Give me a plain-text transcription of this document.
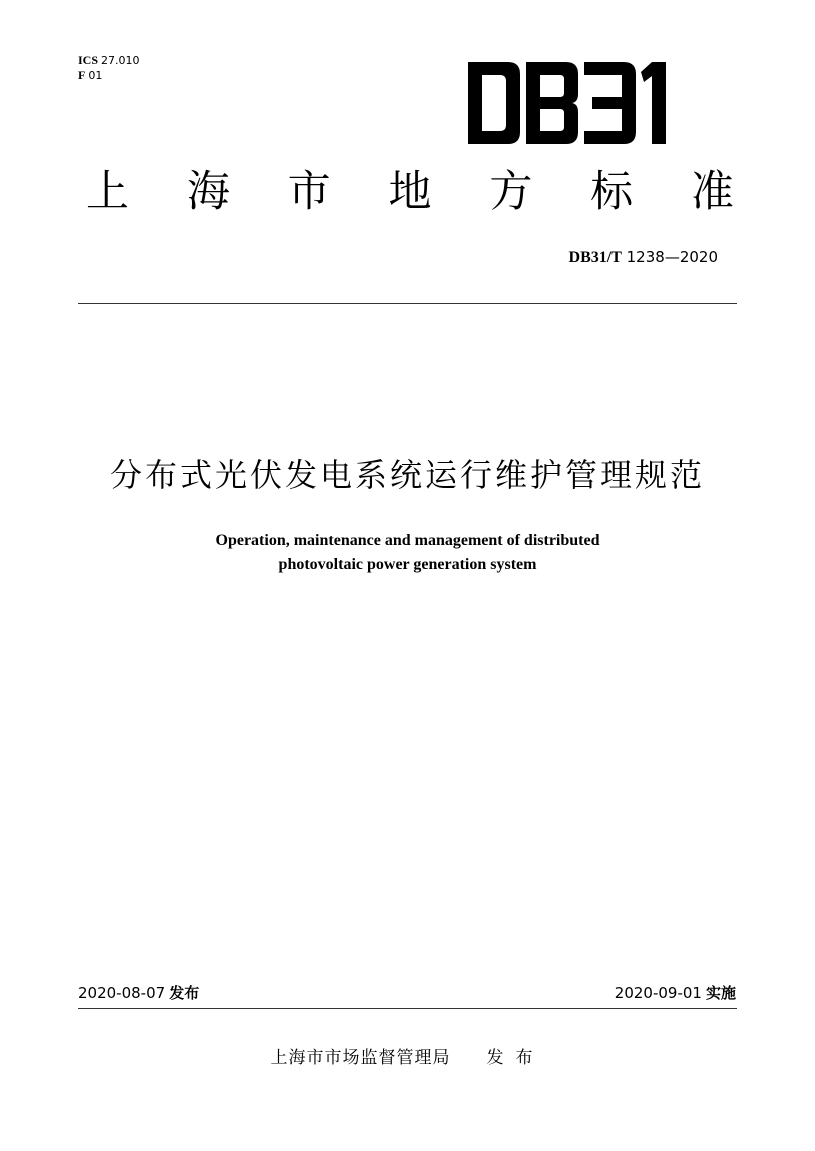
ICS 27.010
F 01
上 海 市 地 方 标 准
DB31/T 1238—2020
分布式光伏发电系统运行维护管理规范
Operation, maintenance and management of distributed
photovoltaic power generation system
2020-08-07 发布	2020-09-01 实施
上海市市场监督管理局 发布
